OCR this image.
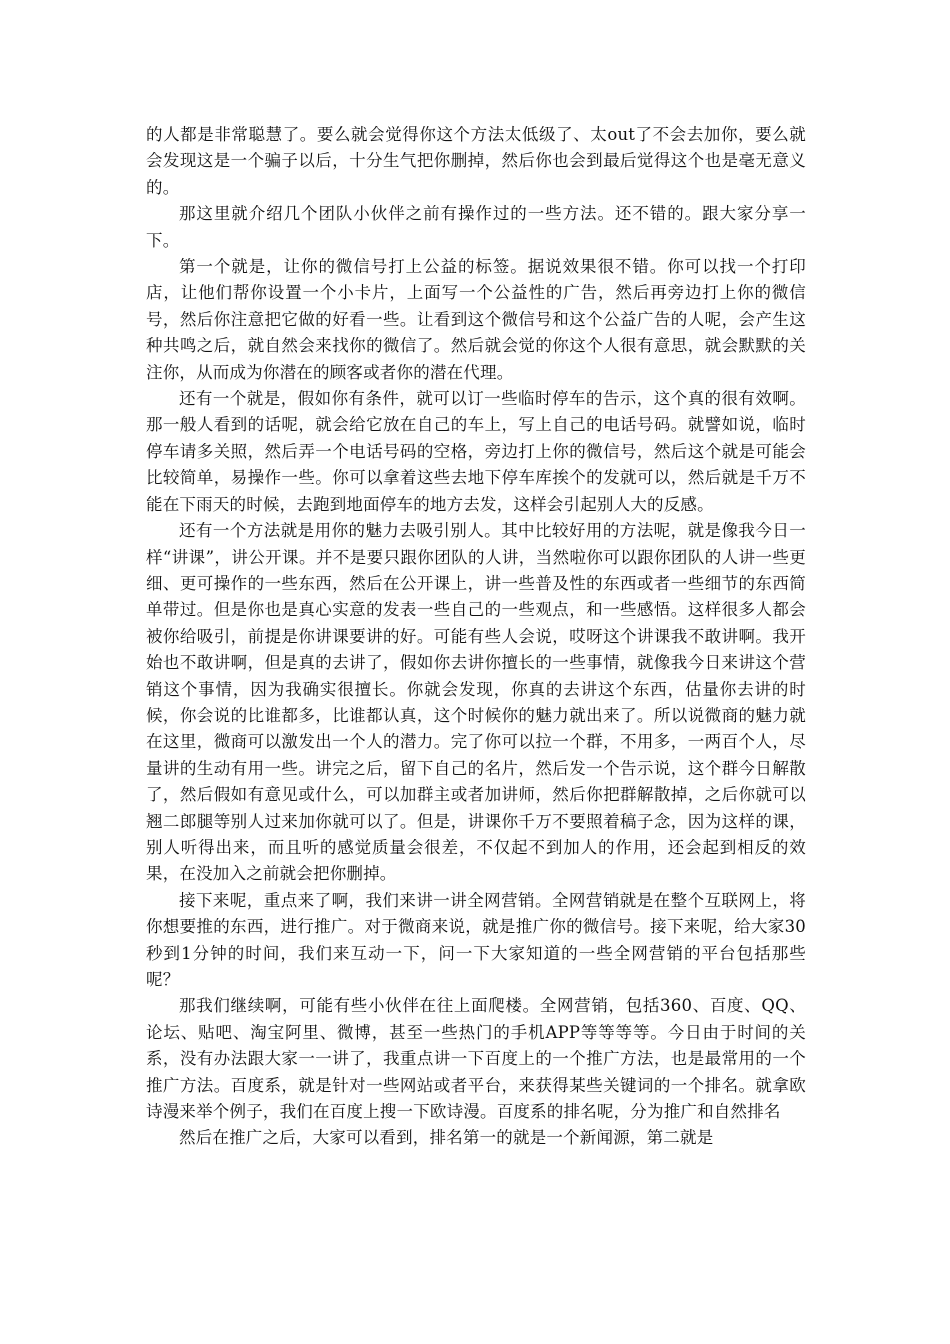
的人都是非常聪慧了。要么就会觉得你这个方法太低级了、太out了不会去加你，要么就会发现这是一个骗子以后，十分生气把你删掉，然后你也会到最后觉得这个也是毫无意义的。

那这里就介绍几个团队小伙伴之前有操作过的一些方法。还不错的。跟大家分享一下。

第一个就是，让你的微信号打上公益的标签。据说效果很不错。你可以找一个打印店，让他们帮你设置一个小卡片，上面写一个公益性的广告，然后再旁边打上你的微信号，然后你注意把它做的好看一些。让看到这个微信号和这个公益广告的人呢，会产生这种共鸣之后，就自然会来找你的微信了。然后就会觉的你这个人很有意思，就会默默的关注你，从而成为你潜在的顾客或者你的潜在代理。

还有一个就是，假如你有条件，就可以订一些临时停车的告示，这个真的很有效啊。那一般人看到的话呢，就会给它放在自己的车上，写上自己的电话号码。就譬如说，临时停车请多关照，然后弄一个电话号码的空格，旁边打上你的微信号，然后这个就是可能会比较简单，易操作一些。你可以拿着这些去地下停车库挨个的发就可以，然后就是千万不能在下雨天的时候，去跑到地面停车的地方去发，这样会引起别人大的反感。

还有一个方法就是用你的魅力去吸引别人。其中比较好用的方法呢，就是像我今日一样“讲课”，讲公开课。并不是要只跟你团队的人讲，当然啦你可以跟你团队的人讲一些更细、更可操作的一些东西，然后在公开课上，讲一些普及性的东西或者一些细节的东西简单带过。但是你也是真心实意的发表一些自己的一些观点，和一些感悟。这样很多人都会被你给吸引，前提是你讲课要讲的好。可能有些人会说，哎呀这个讲课我不敢讲啊。我开始也不敢讲啊，但是真的去讲了，假如你去讲你擅长的一些事情，就像我今日来讲这个营销这个事情，因为我确实很擅长。你就会发现，你真的去讲这个东西，估量你去讲的时候，你会说的比谁都多，比谁都认真，这个时候你的魅力就出来了。所以说微商的魅力就在这里，微商可以激发出一个人的潜力。完了你可以拉一个群，不用多，一两百个人，尽量讲的生动有用一些。讲完之后，留下自己的名片，然后发一个告示说，这个群今日解散了，然后假如有意见或什么，可以加群主或者加讲师，然后你把群解散掉，之后你就可以翘二郎腿等别人过来加你就可以了。但是，讲课你千万不要照着稿子念，因为这样的课，别人听得出来，而且听的感觉质量会很差，不仅起不到加人的作用，还会起到相反的效果，在没加入之前就会把你删掉。

接下来呢，重点来了啊，我们来讲一讲全网营销。全网营销就是在整个互联网上，将你想要推的东西，进行推广。对于微商来说，就是推广你的微信号。接下来呢，给大家30秒到1分钟的时间，我们来互动一下，问一下大家知道的一些全网营销的平台包括那些呢？

那我们继续啊，可能有些小伙伴在往上面爬楼。全网营销，包括360、百度、QQ、论坛、贴吧、淘宝阿里、微博，甚至一些热门的手机APP等等等等。今日由于时间的关系，没有办法跟大家一一讲了，我重点讲一下百度上的一个推广方法，也是最常用的一个推广方法。百度系，就是针对一些网站或者平台，来获得某些关键词的一个排名。就拿欧诗漫来举个例子，我们在百度上搜一下欧诗漫。百度系的排名呢，分为推广和自然排名

然后在推广之后，大家可以看到，排名第一的就是一个新闻源，第二就是
